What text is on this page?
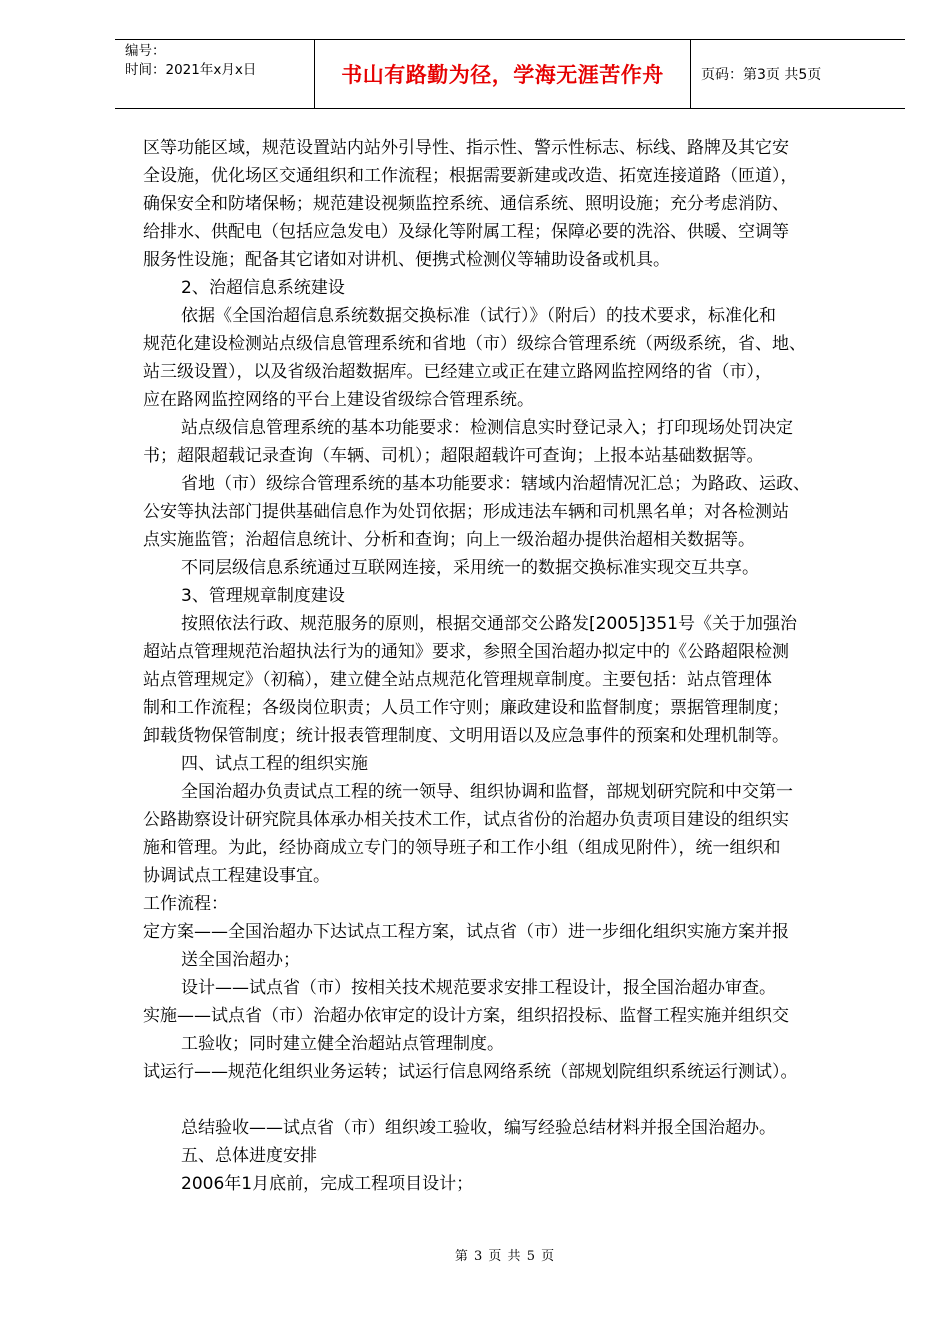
编号：
时间：2021年x月x日	书山有路勤为径，学海无涯苦作舟	页码：第3页 共5页

区等功能区域，规范设置站内站外引导性、指示性、警示性标志、标线、路牌及其它安

全设施，优化场区交通组织和工作流程；根据需要新建或改造、拓宽连接道路（匝道），

确保安全和防堵保畅；规范建设视频监控系统、通信系统、照明设施；充分考虑消防、

给排水、供配电（包括应急发电）及绿化等附属工程；保障必要的洗浴、供暖、空调等

服务性设施；配备其它诸如对讲机、便携式检测仪等辅助设备或机具。

2、治超信息系统建设

依据《全国治超信息系统数据交换标准（试行）》（附后）的技术要求，标准化和

规范化建设检测站点级信息管理系统和省地（市）级综合管理系统（两级系统，省、地、

站三级设置），以及省级治超数据库。已经建立或正在建立路网监控网络的省（市），

应在路网监控网络的平台上建设省级综合管理系统。

站点级信息管理系统的基本功能要求：检测信息实时登记录入；打印现场处罚决定

书；超限超载记录查询（车辆、司机）；超限超载许可查询；上报本站基础数据等。

省地（市）级综合管理系统的基本功能要求：辖域内治超情况汇总；为路政、运政、

公安等执法部门提供基础信息作为处罚依据；形成违法车辆和司机黑名单；对各检测站

点实施监管；治超信息统计、分析和查询；向上一级治超办提供治超相关数据等。

不同层级信息系统通过互联网连接，采用统一的数据交换标准实现交互共享。

3、管理规章制度建设

按照依法行政、规范服务的原则，根据交通部交公路发[2005]351号《关于加强治

超站点管理规范治超执法行为的通知》要求，参照全国治超办拟定中的《公路超限检测

站点管理规定》（初稿），建立健全站点规范化管理规章制度。主要包括：站点管理体

制和工作流程；各级岗位职责；人员工作守则；廉政建设和监督制度；票据管理制度；

卸载货物保管制度；统计报表管理制度、文明用语以及应急事件的预案和处理机制等。

四、试点工程的组织实施

全国治超办负责试点工程的统一领导、组织协调和监督，部规划研究院和中交第一

公路勘察设计研究院具体承办相关技术工作，试点省份的治超办负责项目建设的组织实

施和管理。为此，经协商成立专门的领导班子和工作小组（组成见附件），统一组织和

协调试点工程建设事宜。

工作流程：

定方案——全国治超办下达试点工程方案，试点省（市）进一步细化组织实施方案并报

送全国治超办；

设计——试点省（市）按相关技术规范要求安排工程设计，报全国治超办审查。

实施——试点省（市）治超办依审定的设计方案，组织招投标、监督工程实施并组织交

工验收；同时建立健全治超站点管理制度。

试运行——规范化组织业务运转；试运行信息网络系统（部规划院组织系统运行测试）。

总结验收——试点省（市）组织竣工验收，编写经验总结材料并报全国治超办。

五、总体进度安排

2006年1月底前，完成工程项目设计；

第 3 页 共 5 页
